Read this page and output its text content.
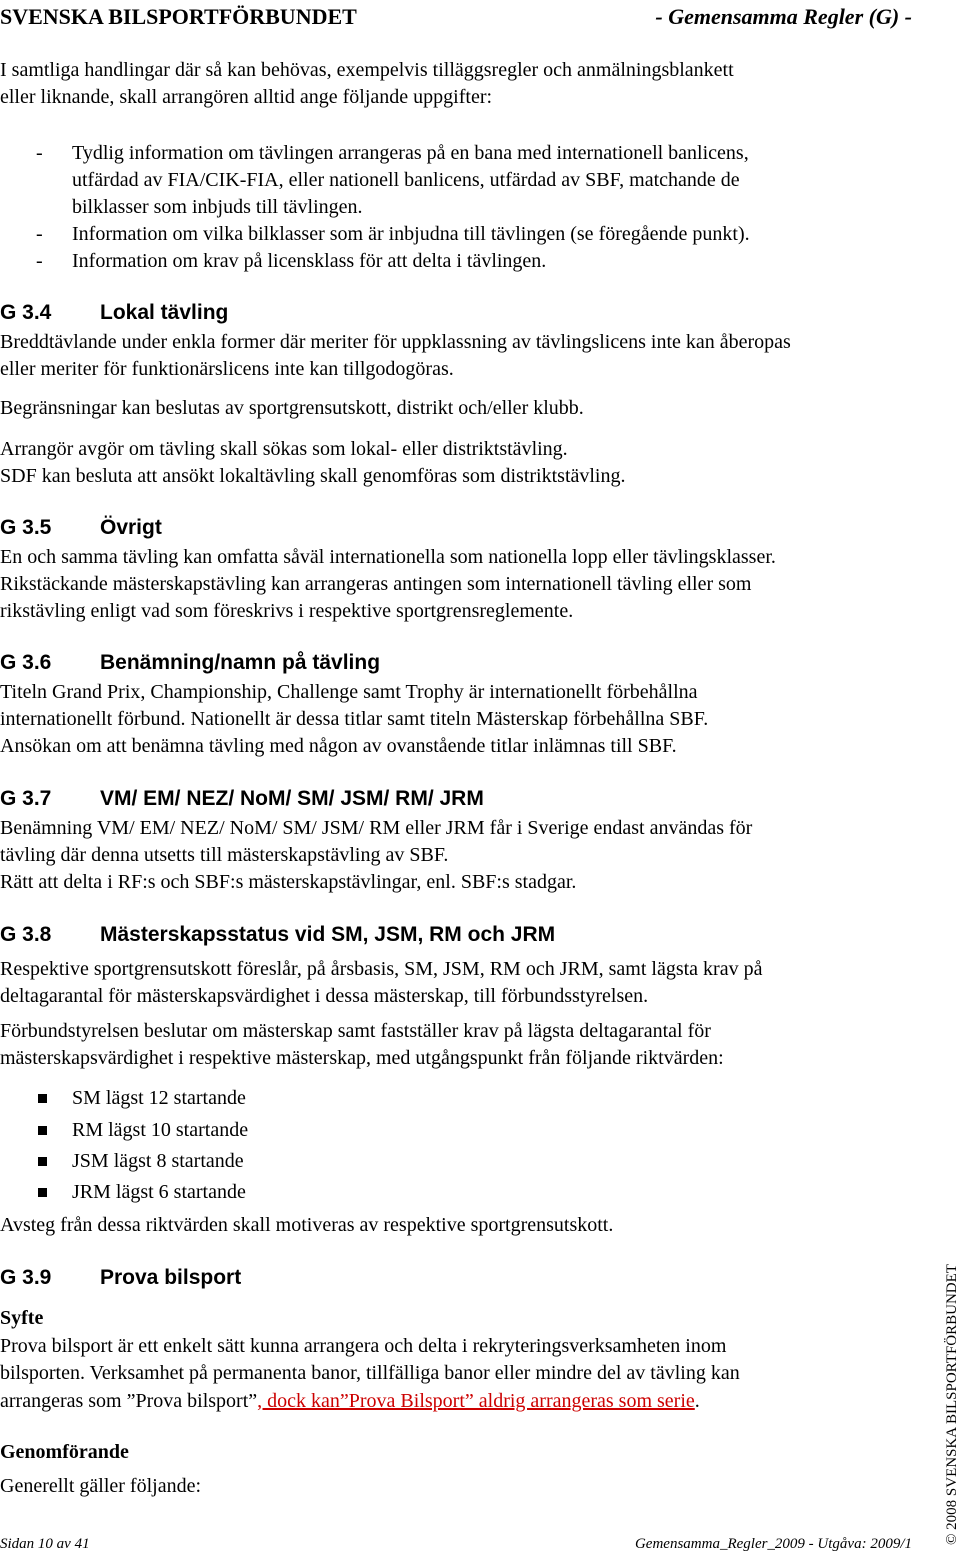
SVENSKA BILSPORTFÖRBUNDET	- Gemensamma Regler (G) -
I samtliga handlingar där så kan behövas, exempelvis tilläggsregler och anmälningsblankett
eller liknande, skall arrangören alltid ange följande uppgifter:
- Tydlig information om tävlingen arrangeras på en bana med internationell banlicens,
utfärdad av FIA/CIK-FIA, eller nationell banlicens, utfärdad av SBF, matchande de
bilklasser som inbjuds till tävlingen.
- Information om vilka bilklasser som är inbjudna till tävlingen (se föregående punkt).
- Information om krav på licensklass för att delta i tävlingen.
G 3.4 Lokal tävling
Breddtävlande under enkla former där meriter för uppklassning av tävlingslicens inte kan åberopas
eller meriter för funktionärslicens inte kan tillgodogöras.
Begränsningar kan beslutas av sportgrensutskott, distrikt och/eller klubb.
Arrangör avgör om tävling skall sökas som lokal- eller distriktstävling.
SDF kan besluta att ansökt lokaltävling skall genomföras som distriktstävling.
G 3.5 Övrigt
En och samma tävling kan omfatta såväl internationella som nationella lopp eller tävlingsklasser.
Rikstäckande mästerskapstävling kan arrangeras antingen som internationell tävling eller som
rikstävling enligt vad som föreskrivs i respektive sportgrensreglemente.
G 3.6 Benämning/namn på tävling
Titeln Grand Prix, Championship, Challenge samt Trophy är internationellt förbehållna
internationellt förbund. Nationellt är dessa titlar samt titeln Mästerskap förbehållna SBF.
Ansökan om att benämna tävling med någon av ovanstående titlar inlämnas till SBF.
G 3.7 VM/ EM/ NEZ/ NoM/ SM/ JSM/ RM/ JRM
Benämning VM/ EM/ NEZ/ NoM/ SM/ JSM/ RM eller JRM får i Sverige endast användas för
tävling där denna utsetts till mästerskapstävling av SBF.
Rätt att delta i RF:s och SBF:s mästerskapstävlingar, enl. SBF:s stadgar.
G 3.8 Mästerskapsstatus vid SM, JSM, RM och JRM
Respektive sportgrensutskott föreslår, på årsbasis, SM, JSM, RM och JRM, samt lägsta krav på
deltagarantal för mästerskapsvärdighet i dessa mästerskap, till förbundsstyrelsen.
Förbundstyrelsen beslutar om mästerskap samt fastställer krav på lägsta deltagarantal för
mästerskapsvärdighet i respektive mästerskap, med utgångspunkt från följande riktvärden:
SM lägst 12 startande
RM lägst 10 startande
JSM lägst 8 startande
JRM lägst 6 startande
Avsteg från dessa riktvärden skall motiveras av respektive sportgrensutskott.
G 3.9 Prova bilsport
Syfte
Prova bilsport är ett enkelt sätt kunna arrangera och delta i rekryteringsverksamheten inom
bilsporten. Verksamhet på permanenta banor, tillfälliga banor eller mindre del av tävling kan
arrangeras som ”Prova bilsport”, dock kan”Prova Bilsport” aldrig arrangeras som serie.
Genomförande
Generellt gäller följande:	© 2008 SVENSKA BILSPORTFÖRBUNDET
Sidan 10 av 41	Gemensamma_Regler_2009 - Utgåva: 2009/1
